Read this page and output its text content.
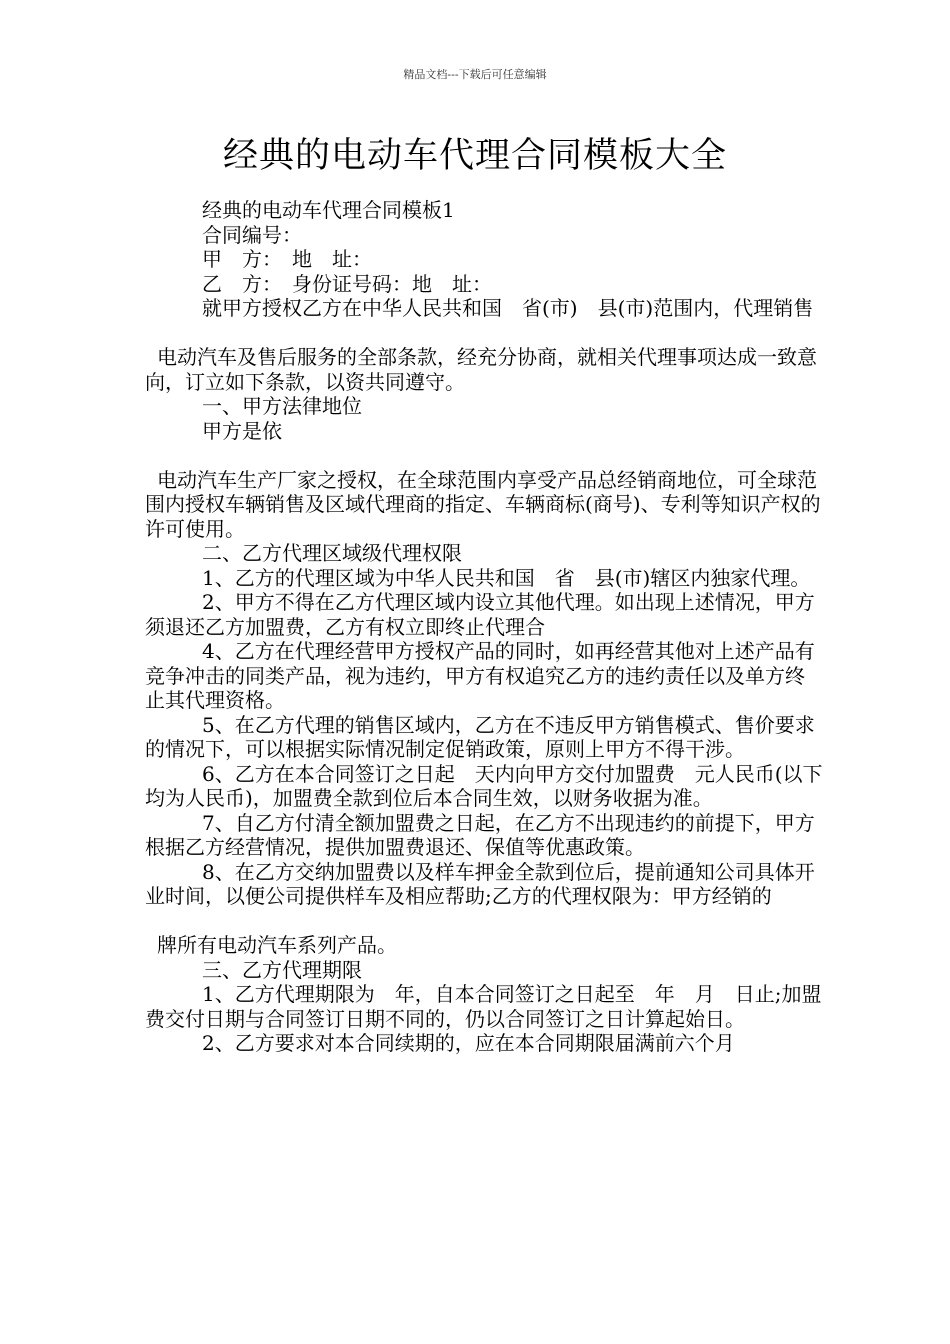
精品文档---下载后可任意编辑
经典的电动车代理合同模板大全

经典的电动车代理合同模板1

合同编号：

甲　方：　地　址：

乙　方：　身份证号码：地　址：

就甲方授权乙方在中华人民共和国　省(市)　县(市)范围内，代理销售

电动汽车及售后服务的全部条款，经充分协商，就相关代理事项达成一致意向，订立如下条款，以资共同遵守。

一、甲方法律地位

甲方是依

电动汽车生产厂家之授权，在全球范围内享受产品总经销商地位，可全球范围内授权车辆销售及区域代理商的指定、车辆商标(商号)、专利等知识产权的许可使用。

二、乙方代理区域级代理权限

1、乙方的代理区域为中华人民共和国　省　县(市)辖区内独家代理。

2、甲方不得在乙方代理区域内设立其他代理。如出现上述情况，甲方须退还乙方加盟费，乙方有权立即终止代理合

4、乙方在代理经营甲方授权产品的同时，如再经营其他对上述产品有竞争冲击的同类产品，视为违约，甲方有权追究乙方的违约责任以及单方终止其代理资格。

5、在乙方代理的销售区域内，乙方在不违反甲方销售模式、售价要求的情况下，可以根据实际情况制定促销政策，原则上甲方不得干涉。

6、乙方在本合同签订之日起　天内向甲方交付加盟费　元人民币(以下均为人民币)，加盟费全款到位后本合同生效，以财务收据为准。

7、自乙方付清全额加盟费之日起，在乙方不出现违约的前提下，甲方根据乙方经营情况，提供加盟费退还、保值等优惠政策。

8、在乙方交纳加盟费以及样车押金全款到位后，提前通知公司具体开业时间，以便公司提供样车及相应帮助;乙方的代理权限为：甲方经销的

牌所有电动汽车系列产品。

三、乙方代理期限

1、乙方代理期限为　年，自本合同签订之日起至　年　月　日止;加盟费交付日期与合同签订日期不同的，仍以合同签订之日计算起始日。

2、乙方要求对本合同续期的，应在本合同期限届满前六个月
